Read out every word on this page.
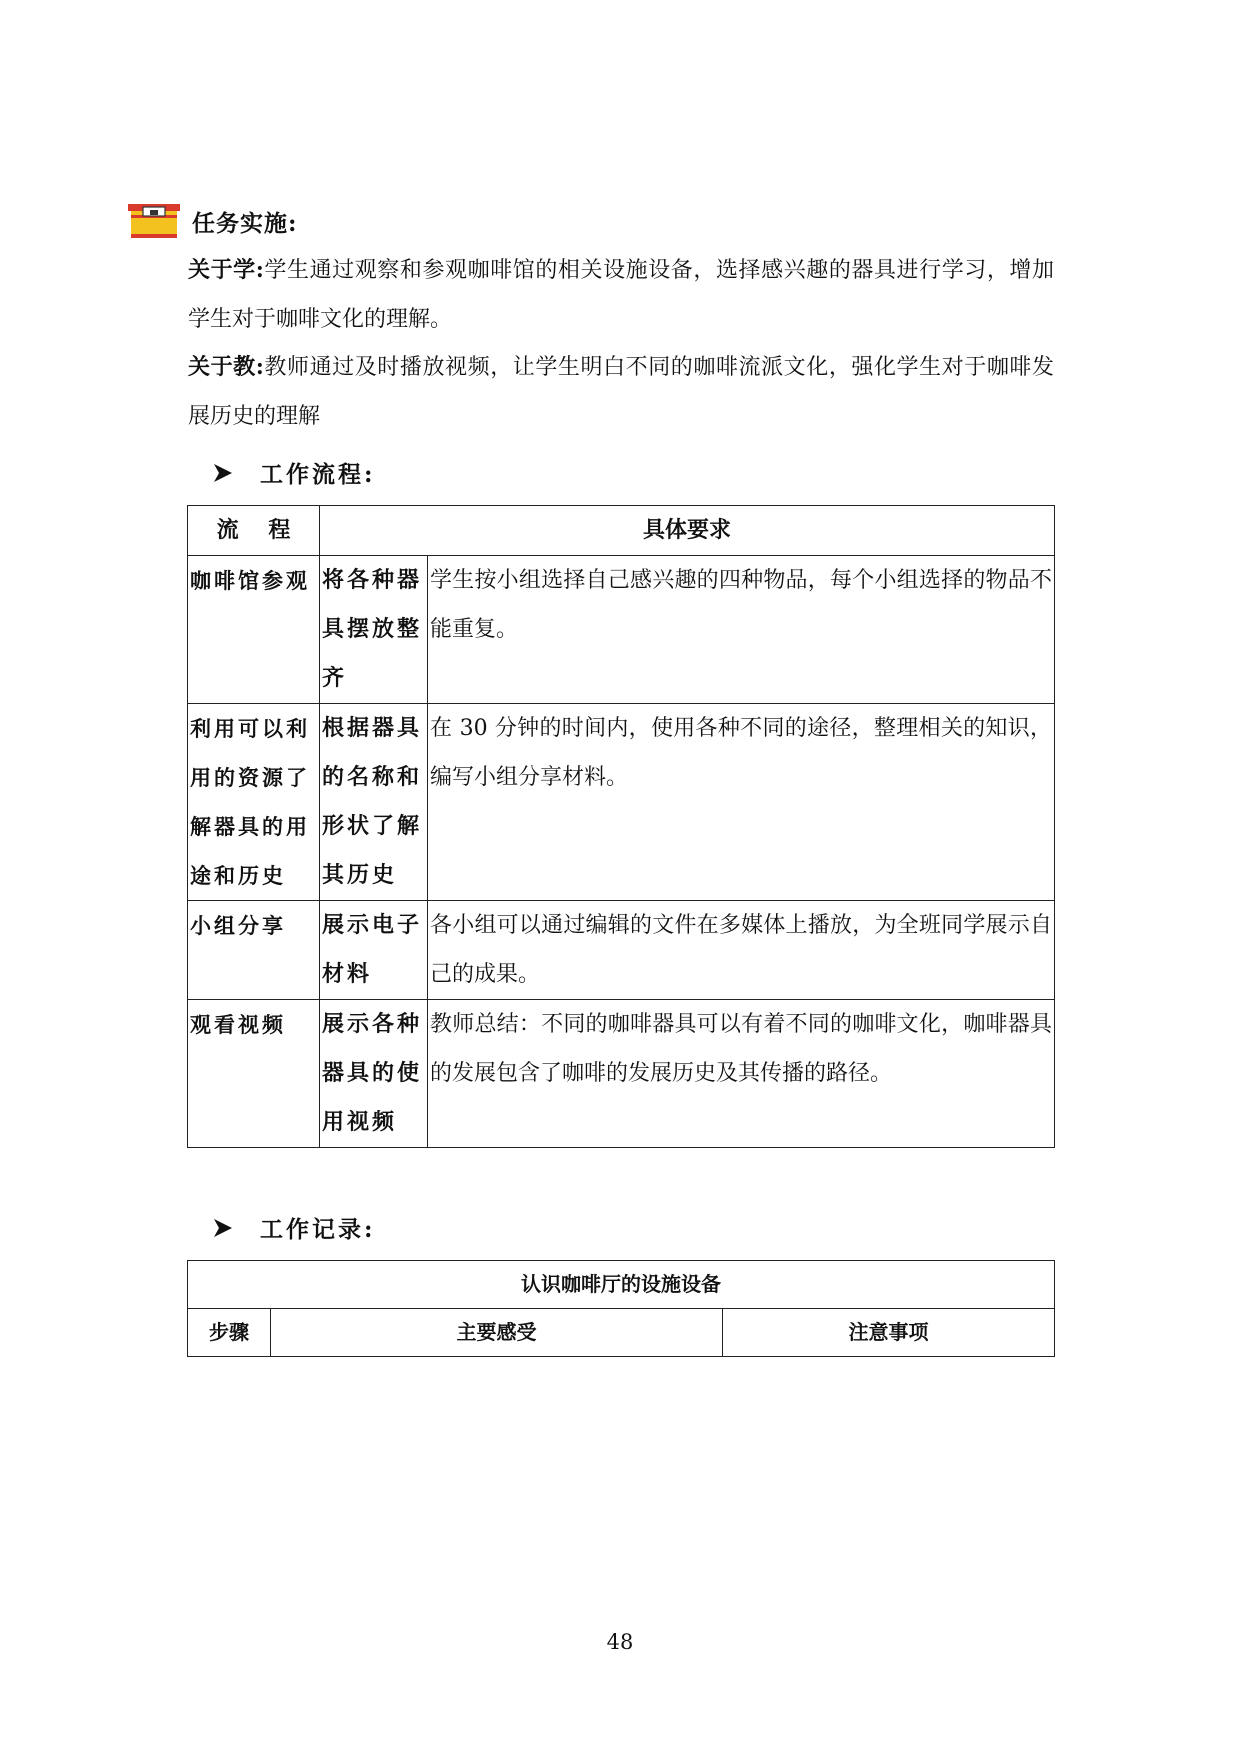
任务实施:

关于学:学生通过观察和参观咖啡馆的相关设施设备，选择感兴趣的器具进行学习，增加学生对于咖啡文化的理解。

关于教:教师通过及时播放视频，让学生明白不同的咖啡流派文化，强化学生对于咖啡发展历史的理解

工作流程:
流　 程	具体要求	
咖啡馆参观	将各种器具摆放整齐	学生按小组选择自己感兴趣的四种物品，每个小组选择的物品不能重复。
利用可以利用的资源了解器具的用途和历史	根据器具的名称和形状了解其历史	在 30 分钟的时间内，使用各种不同的途径，整理相关的知识，编写小组分享材料。
小组分享	展示电子材料	各小组可以通过编辑的文件在多媒体上播放，为全班同学展示自己的成果。
观看视频	展示各种器具的使用视频	教师总结：不同的咖啡器具可以有着不同的咖啡文化，咖啡器具的发展包含了咖啡的发展历史及其传播的路径。
工作记录:
认识咖啡厅的设施设备
步骤	主要感受	注意事项
48
